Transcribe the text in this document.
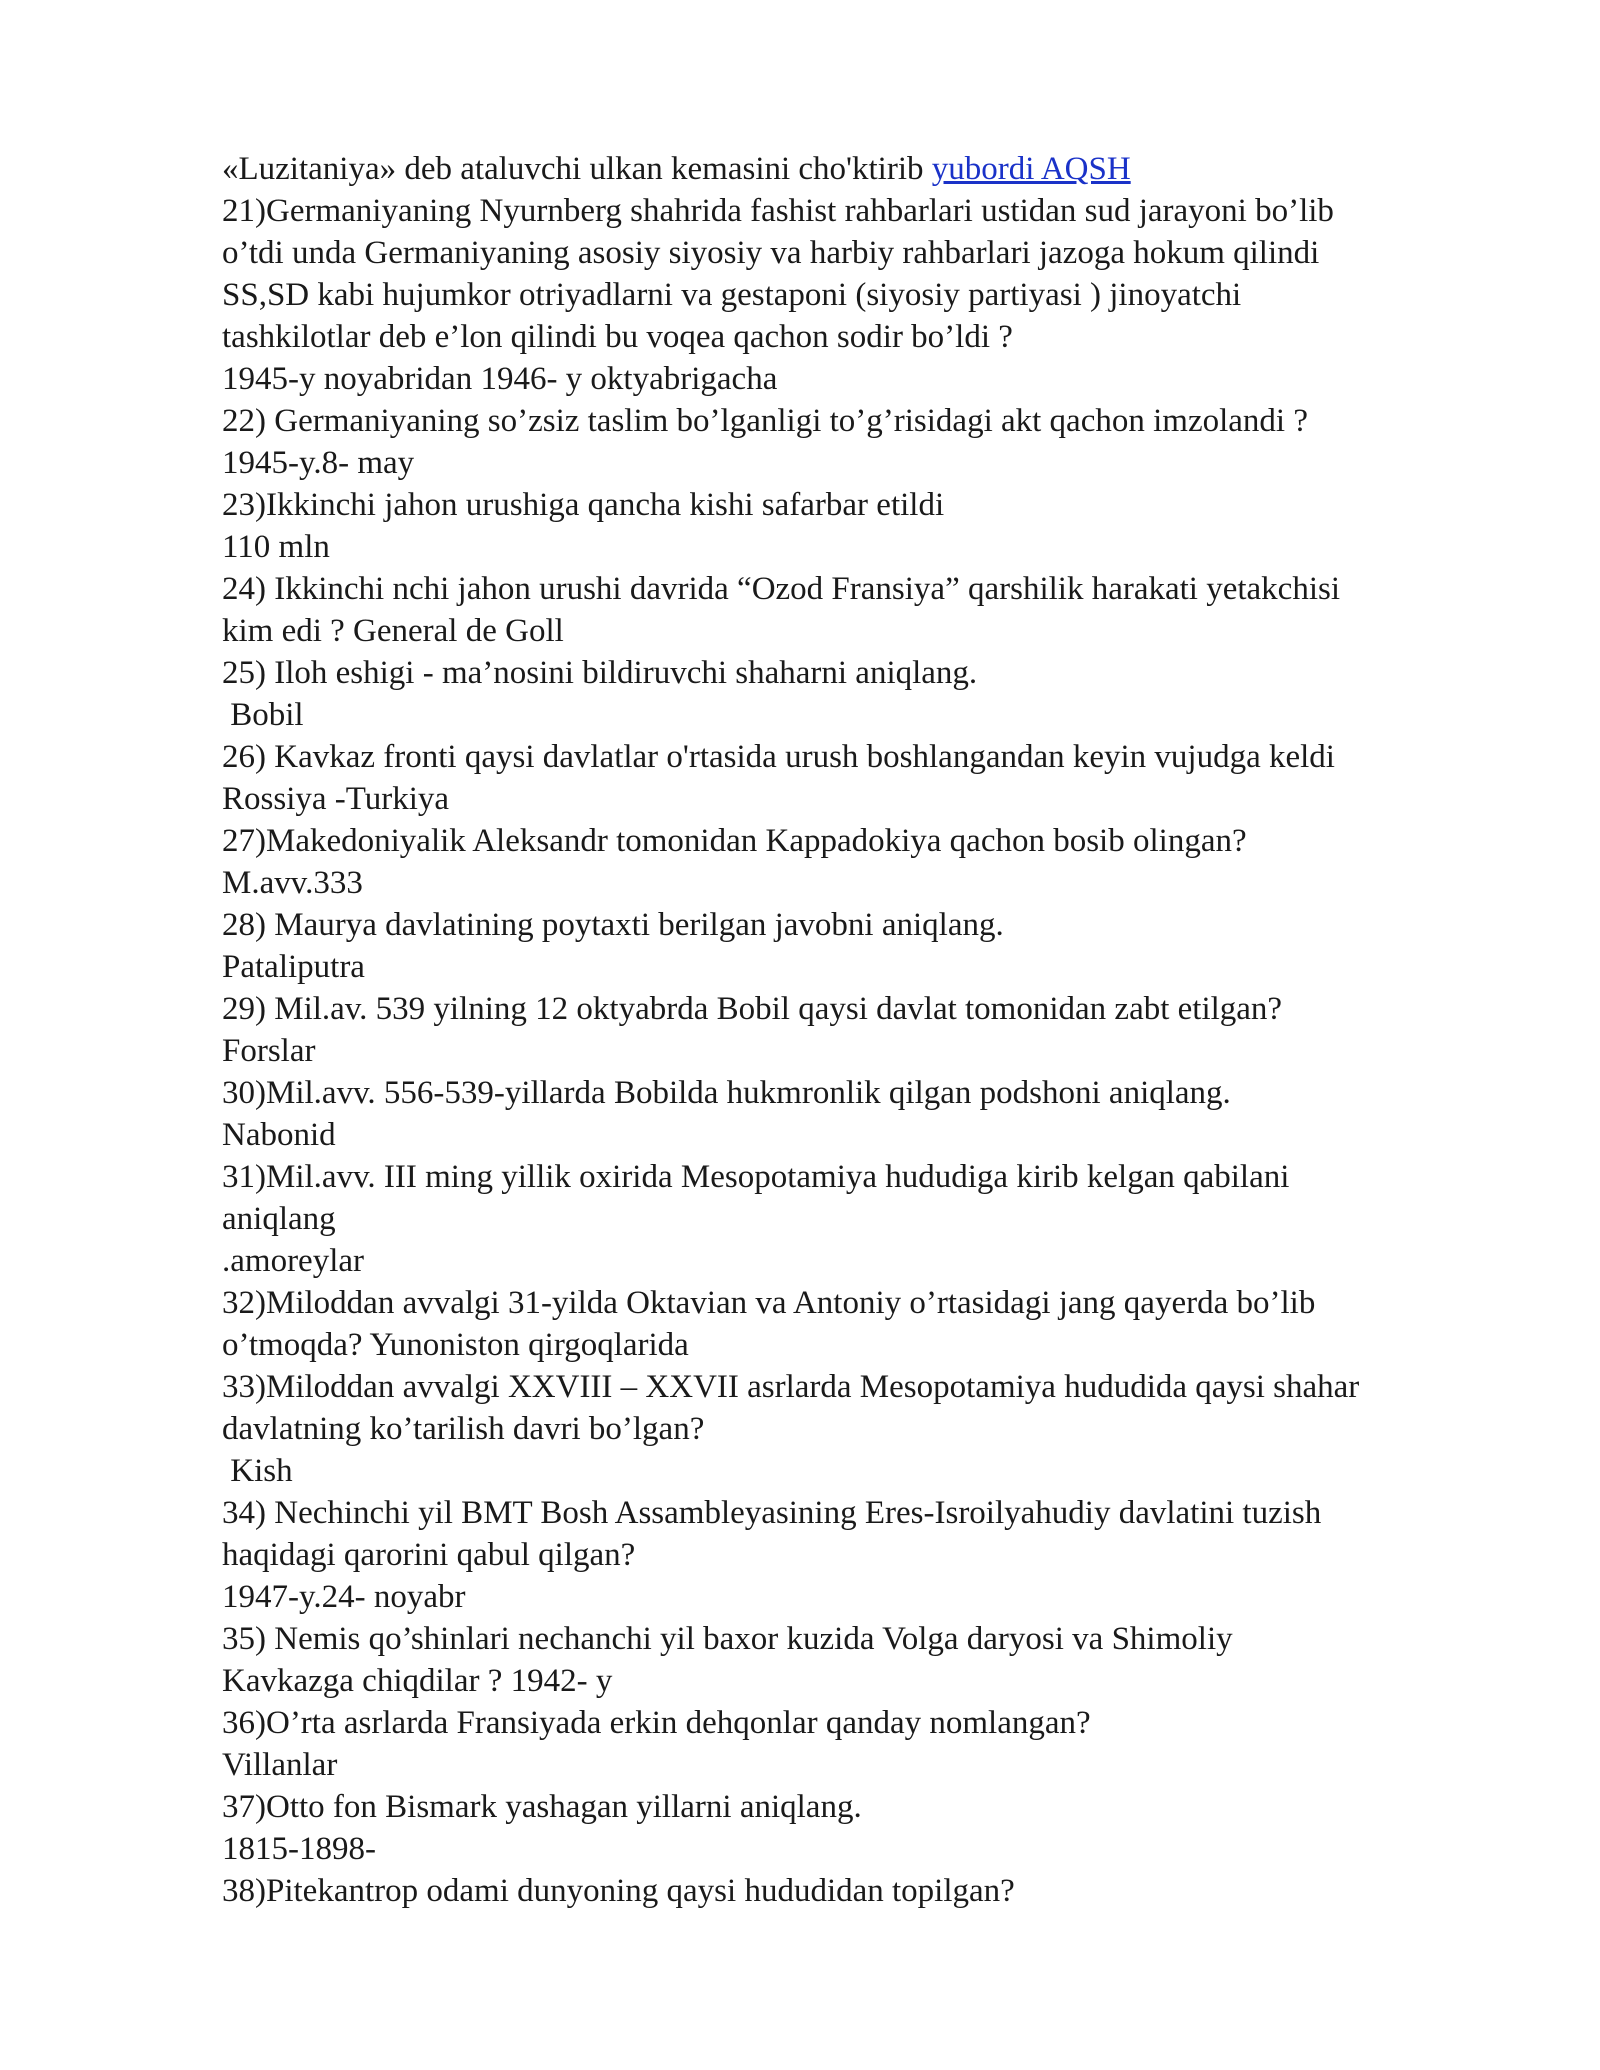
«Luzitaniya» deb ataluvchi ulkan kemasini cho'ktirib yubordi AQSH
21)Germaniyaning Nyurnberg shahrida fashist rahbarlari ustidan sud jarayoni bo’lib
o’tdi unda Germaniyaning asosiy siyosiy va harbiy rahbarlari jazoga hokum qilindi
SS,SD kabi hujumkor otriyadlarni va gestaponi (siyosiy partiyasi ) jinoyatchi
tashkilotlar deb e’lon qilindi bu voqea qachon sodir bo’ldi ?
1945-y noyabridan 1946- y oktyabrigacha
22) Germaniyaning so’zsiz taslim bo’lganligi to’g’risidagi akt qachon imzolandi ?
1945-y.8- may
23)Ikkinchi jahon urushiga qancha kishi safarbar etildi
110 mln
24) Ikkinchi nchi jahon urushi davrida “Ozod Fransiya” qarshilik harakati yetakchisi
kim edi ? General de Goll
25) Iloh eshigi - ma’nosini bildiruvchi shaharni aniqlang.
Bobil
26) Kavkaz fronti qaysi davlatlar o'rtasida urush boshlangandan keyin vujudga keldi
Rossiya -Turkiya
27)Makedoniyalik Aleksandr tomonidan Kappadokiya qachon bosib olingan?
M.avv.333
28) Maurya davlatining poytaxti berilgan javobni aniqlang.
Pataliputra
29) Mil.av. 539 yilning 12 oktyabrda Bobil qaysi davlat tomonidan zabt etilgan?
Forslar
30)Mil.avv. 556-539-yillarda Bobilda hukmronlik qilgan podshoni aniqlang.
Nabonid
31)Mil.avv. III ming yillik oxirida Mesopotamiya hududiga kirib kelgan qabilani
aniqlang
.amoreylar
32)Miloddan avvalgi 31-yilda Oktavian va Antoniy o’rtasidagi jang qayerda bo’lib
o’tmoqda? Yunoniston qirgoqlarida
33)Miloddan avvalgi XXVIII – XXVII asrlarda Mesopotamiya hududida qaysi shahar
davlatning ko’tarilish davri bo’lgan?
Kish
34) Nechinchi yil BMT Bosh Assambleyasining Eres-Isroilyahudiy davlatini tuzish
haqidagi qarorini qabul qilgan?
1947-y.24- noyabr
35) Nemis qo’shinlari nechanchi yil baxor kuzida Volga daryosi va Shimoliy
Kavkazga chiqdilar ? 1942- y
36)O’rta asrlarda Fransiyada erkin dehqonlar qanday nomlangan?
Villanlar
37)Otto fon Bismark yashagan yillarni aniqlang.
1815-1898-
38)Pitekantrop odami dunyoning qaysi hududidan topilgan?
